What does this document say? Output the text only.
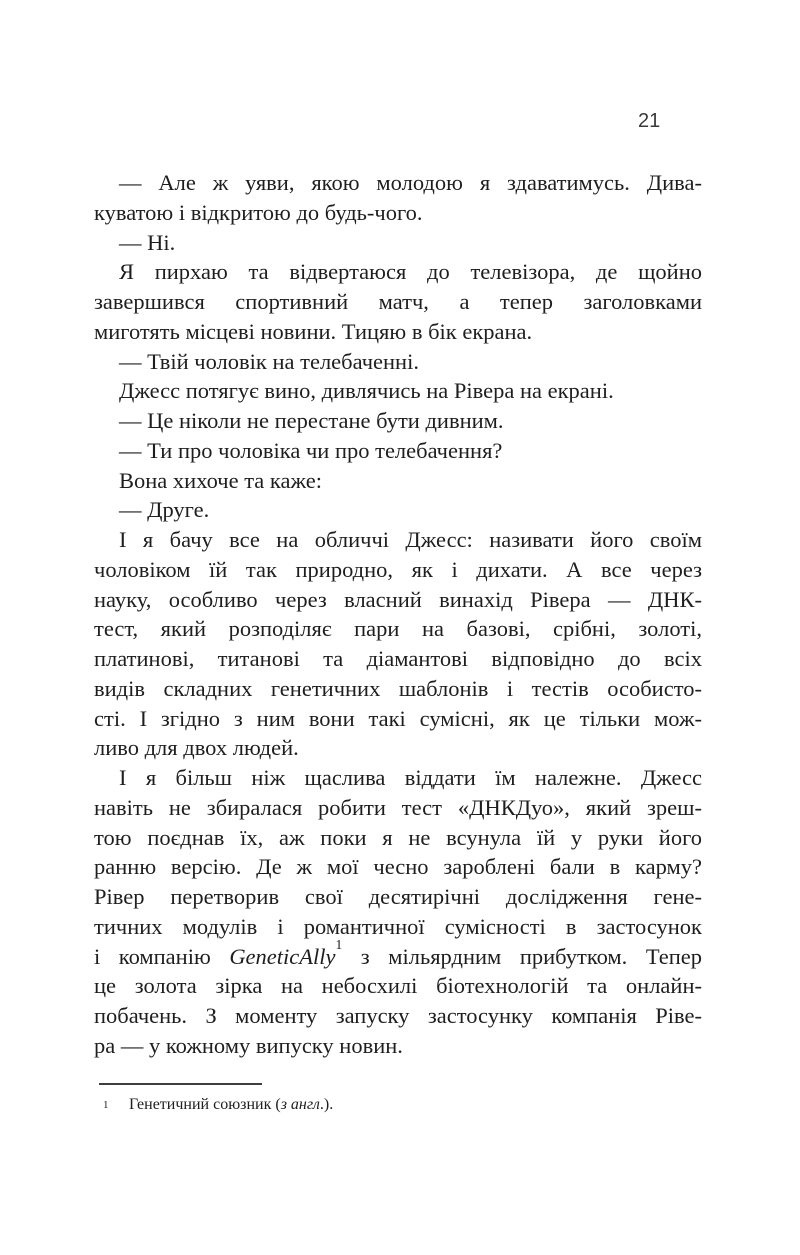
21
— Але ж уяви, якою молодою я здаватимусь. Дива-
куватою і відкритою до будь-чого.
— Ні.
Я пирхаю та відвертаюся до телевізора, де щойно
завершився спортивний матч, а тепер заголовками
миготять місцеві новини. Тицяю в бік екрана.
— Твій чоловік на телебаченні.
Джесс потягує вино, дивлячись на Рівера на екрані.
— Це ніколи не перестане бути дивним.
— Ти про чоловіка чи про телебачення?
Вона хихоче та каже:
— Друге.
І я бачу все на обличчі Джесс: називати його своїм
чоловіком їй так природно, як і дихати. А все через
науку, особливо через власний винахід Рівера — ДНК-
тест, який розподіляє пари на базові, срібні, золоті,
платинові, титанові та діамантові відповідно до всіх
видів складних генетичних шаблонів і тестів особисто-
сті. І згідно з ним вони такі сумісні, як це тільки мож-
ливо для двох людей.
І я більш ніж щаслива віддати їм належне. Джесс
навіть не збиралася робити тест «ДНКДуо», який зреш-
тою поєднав їх, аж поки я не всунула їй у руки його
ранню версію. Де ж мої чесно зароблені бали в карму?
Рівер перетворив свої десятирічні дослідження гене-
тичних модулів і романтичної сумісності в застосунок
і компанію GeneticAlly$^1$ з мільярдним прибутком. Тепер
це золота зірка на небосхилі біотехнологій та онлайн-
побачень. З моменту запуску застосунку компанія Ріве-
ра — у кожному випуску новин.
1 Генетичний союзник (з англ.).
